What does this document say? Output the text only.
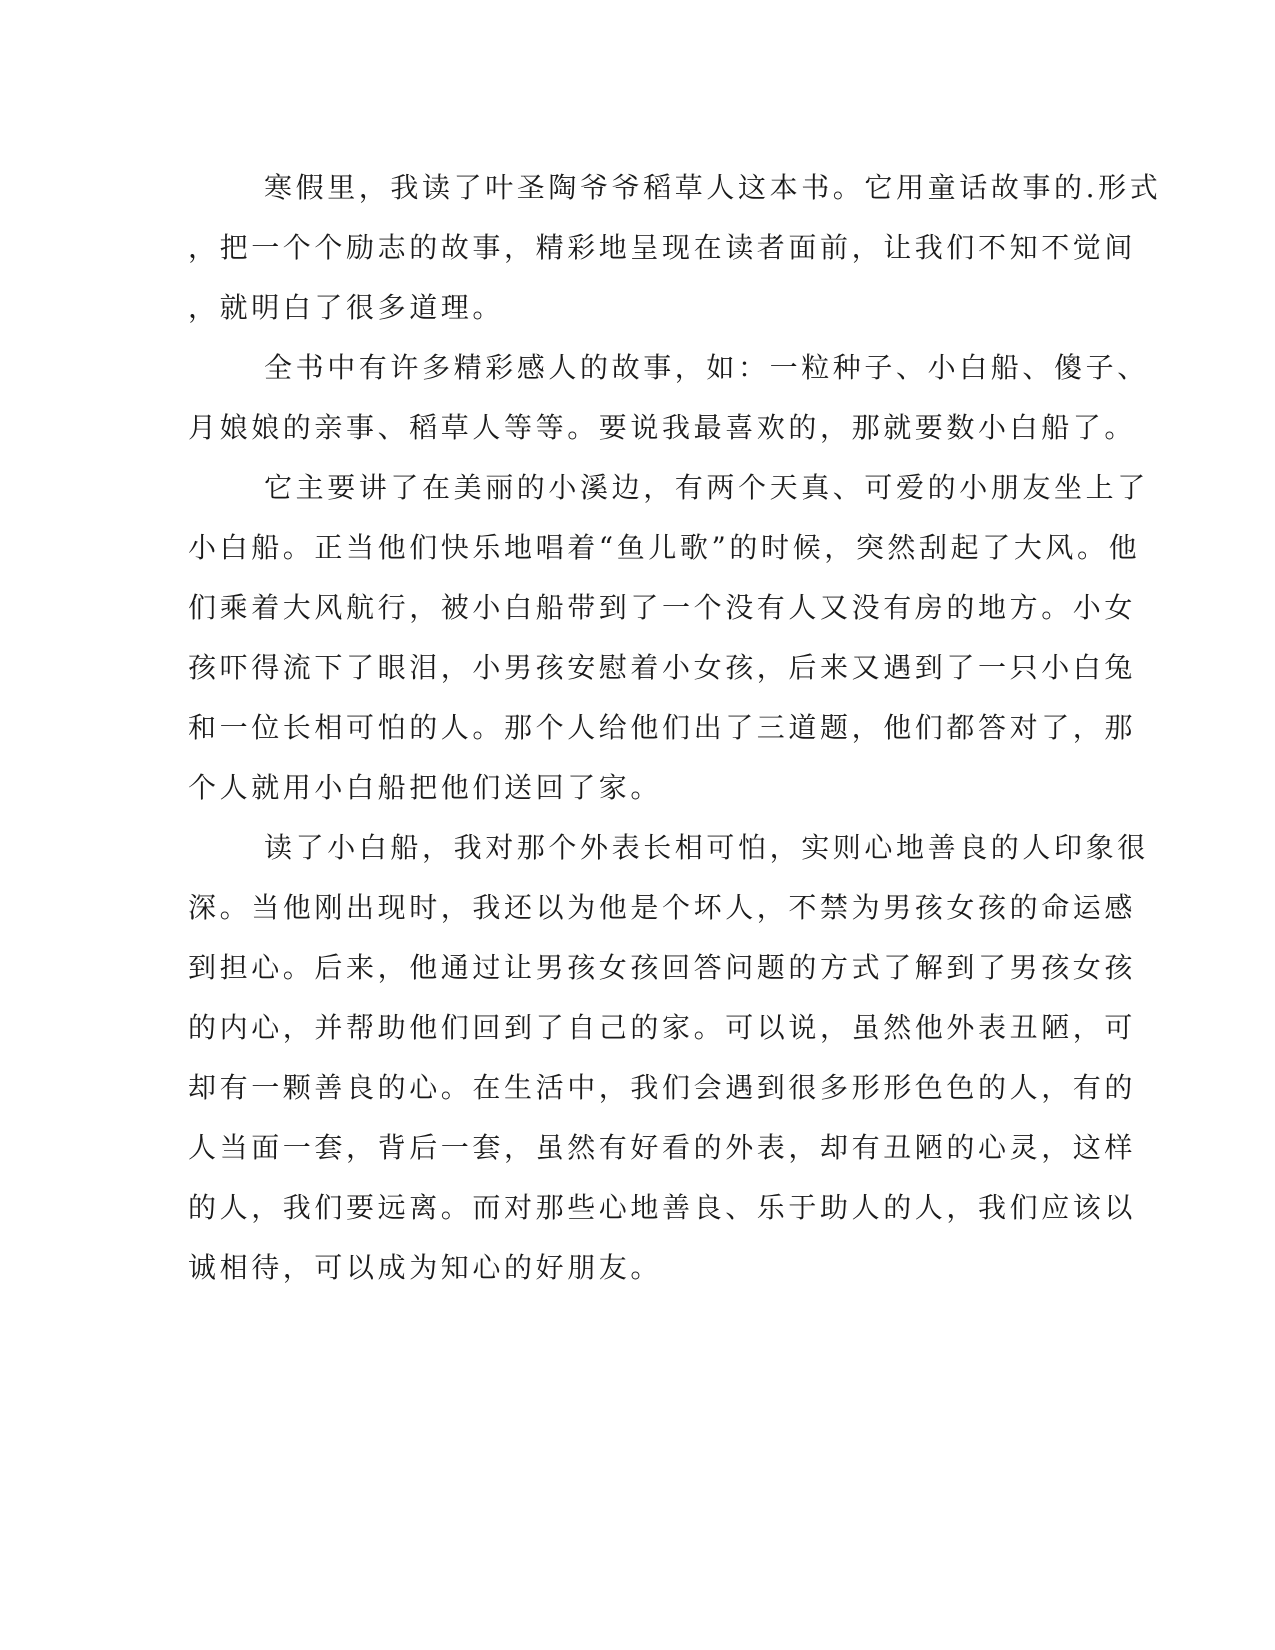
寒假里，我读了叶圣陶爷爷稻草人这本书。它用童话故事的.形式
，把一个个励志的故事，精彩地呈现在读者面前，让我们不知不觉间
，就明白了很多道理。
全书中有许多精彩感人的故事，如：一粒种子、小白船、傻子、
月娘娘的亲事、稻草人等等。要说我最喜欢的，那就要数小白船了。
它主要讲了在美丽的小溪边，有两个天真、可爱的小朋友坐上了
小白船。正当他们快乐地唱着“鱼儿歌”的时候，突然刮起了大风。他
们乘着大风航行，被小白船带到了一个没有人又没有房的地方。小女
孩吓得流下了眼泪，小男孩安慰着小女孩，后来又遇到了一只小白兔
和一位长相可怕的人。那个人给他们出了三道题，他们都答对了，那
个人就用小白船把他们送回了家。
读了小白船，我对那个外表长相可怕，实则心地善良的人印象很
深。当他刚出现时，我还以为他是个坏人，不禁为男孩女孩的命运感
到担心。后来，他通过让男孩女孩回答问题的方式了解到了男孩女孩
的内心，并帮助他们回到了自己的家。可以说，虽然他外表丑陋，可
却有一颗善良的心。在生活中，我们会遇到很多形形色色的人，有的
人当面一套，背后一套，虽然有好看的外表，却有丑陋的心灵，这样
的人，我们要远离。而对那些心地善良、乐于助人的人，我们应该以
诚相待，可以成为知心的好朋友。
